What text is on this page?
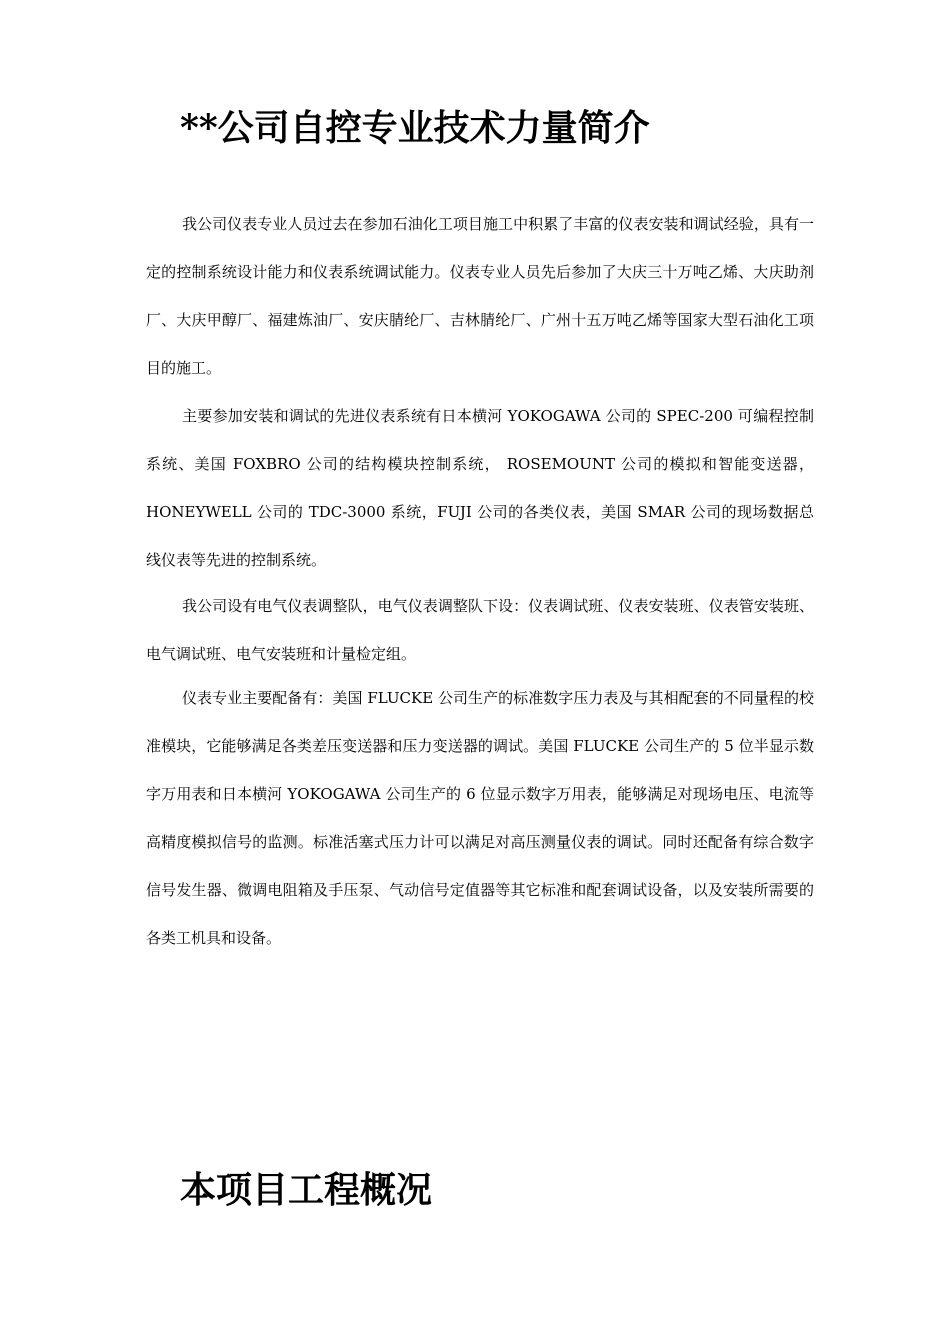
**公司自控专业技术力量简介

我公司仪表专业人员过去在参加石油化工项目施工中积累了丰富的仪表安装和调试经验，具有一定的控制系统设计能力和仪表系统调试能力。仪表专业人员先后参加了大庆三十万吨乙烯、大庆助剂厂、大庆甲醇厂、福建炼油厂、安庆腈纶厂、吉林腈纶厂、广州十五万吨乙烯等国家大型石油化工项目的施工。

主要参加安装和调试的先进仪表系统有日本横河 YOKOGAWA 公司的 SPEC-200 可编程控制系统、美国 FOXBRO 公司的结构模块控制系统， ROSEMOUNT 公司的模拟和智能变送器，HONEYWELL 公司的 TDC-3000 系统，FUJI 公司的各类仪表，美国 SMAR 公司的现场数据总线仪表等先进的控制系统。

我公司设有电气仪表调整队，电气仪表调整队下设：仪表调试班、仪表安装班、仪表管安装班、电气调试班、电气安装班和计量检定组。

仪表专业主要配备有：美国 FLUCKE 公司生产的标准数字压力表及与其相配套的不同量程的校准模块，它能够满足各类差压变送器和压力变送器的调试。美国 FLUCKE 公司生产的 5 位半显示数字万用表和日本横河 YOKOGAWA 公司生产的 6 位显示数字万用表，能够满足对现场电压、电流等高精度模拟信号的监测。标准活塞式压力计可以满足对高压测量仪表的调试。同时还配备有综合数字信号发生器、微调电阻箱及手压泵、气动信号定值器等其它标准和配套调试设备，以及安装所需要的各类工机具和设备。

本项目工程概况
